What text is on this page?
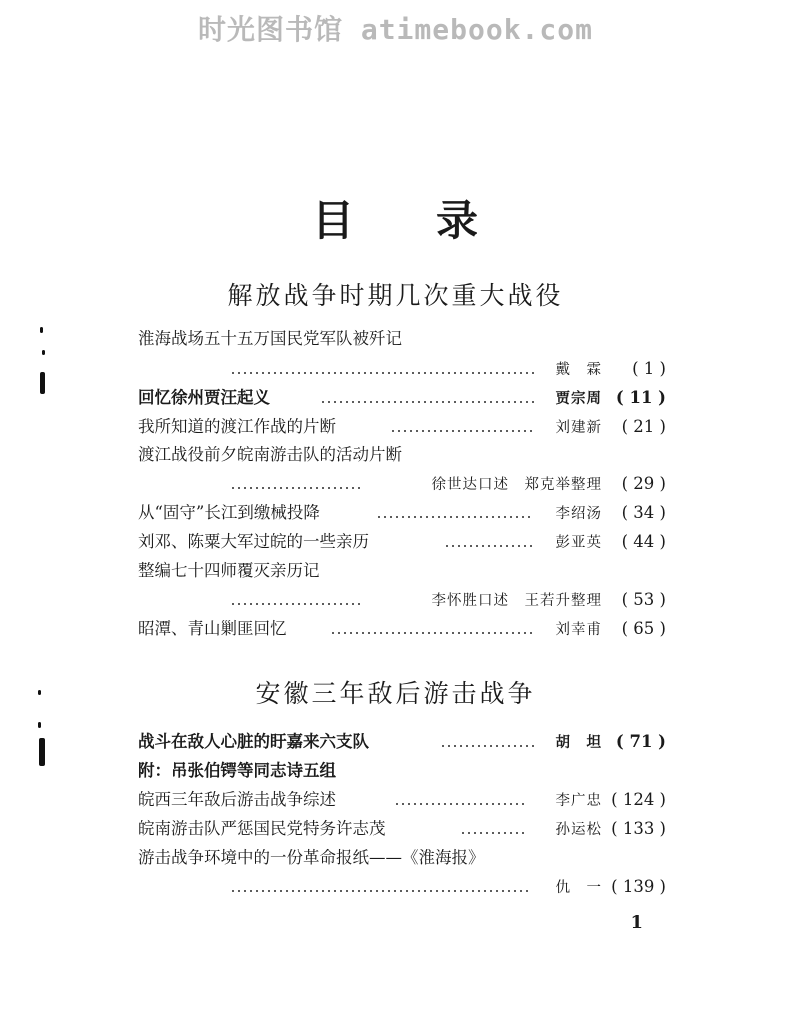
时光图书馆 atimebook.com
目 录
解放战争时期几次重大战役
淮海战场五十五万国民党军队被歼记
戴　霖	( 1 )
回忆徐州贾汪起义	贾宗周 ( 11 )
我所知道的渡江作战的片断	刘建新	( 21 )
渡江战役前夕皖南游击队的活动片断
徐世达口述　郑克举整理	( 29 )
从“固守”长江到缴械投降	李绍汤	( 34 )
刘邓、陈粟大军过皖的一些亲历	彭亚英	( 44 )
整编七十四师覆灭亲历记
李怀胜口述　王若升整理	( 53 )
昭潭、青山剿匪回忆	刘幸甫	( 65 )
安徽三年敌后游击战争
战斗在敌人心脏的盱嘉来六支队	胡　坦 ( 71 )
附：吊张伯锷等同志诗五组
皖西三年敌后游击战争综述	李广忠 ( 124 )
皖南游击队严惩国民党特务许志茂	孙运松 ( 133 )
游击战争环境中的一份革命报纸——《淮海报》
仇　一 ( 139 )
1
